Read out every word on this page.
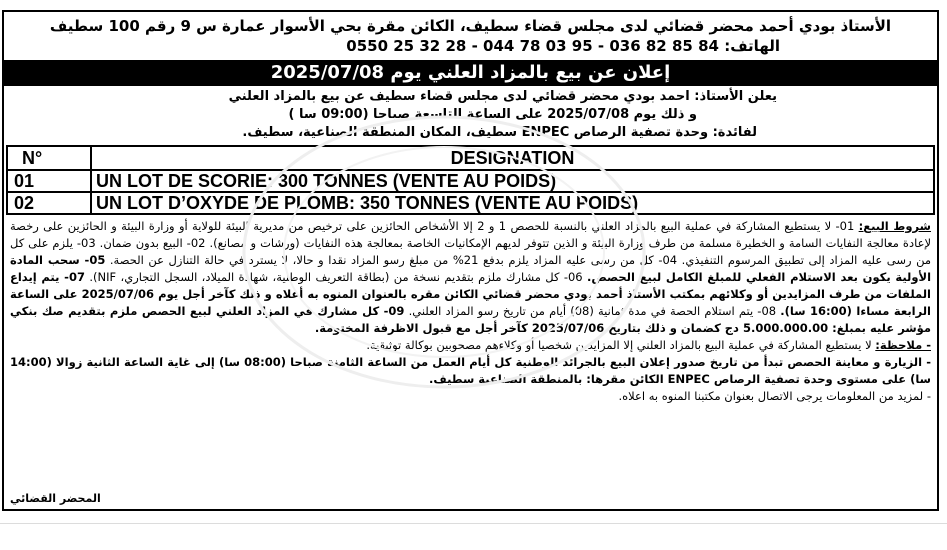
الأستاذ بودي أحمد محضر قضائي لدى مجلس قضاء سطيف، الكائن مقرة بحي الأسوار عمارة س 9 رقم 100 سطيف
الهاتف: 84 85 82 036 - 95 03 78 044 - 28 32 25 0550
إعلان عن بيع بالمزاد العلني يوم 2025/07/08
يعلن الأستاذ: احمد بودي محضر قضائي لدى مجلس قضاء سطيف عن بيع بالمزاد العلني
و ذلك يوم 2025/07/08 على الساعة التاسعة صباحا (09:00 سا )
لفائدة: وحدة تصفية الرصاص ENPEC سطيف، المكان المنطقة الصناعية، سطيف.
N°	DESIGNATION
01	UN LOT DE SCORIE: 300 TONNES (VENTE AU POIDS)
02	UN LOT D’OXYDE DE PLOMB: 350 TONNES (VENTE AU POIDS)
شروط البيع: 01- لا يستطيع المشاركة في عملية البيع بالمزاد العلني بالنسبة للحصص 1 و 2 إلا الأشخاص الحائزين على ترخيص من مديرية البيئة للولاية أو وزارة البيئة و الحائزين على رخصة لإعادة معالجة النفايات السامة و الخطيرة مسلمة من طرف وزارة البيئة و الذين تتوفر لديهم الإمكانيات الخاصة بمعالجة هذه النفايات (ورشات و مصانع). 02- البيع بدون ضمان. 03- يلزم على كل من رسى عليه المزاد إلى تطبيق المرسوم التنفيذي. 04- كل من رسى عليه المزاد يلزم بدفع 21% من مبلغ رسو المزاد نقدا و حالا، لا يسترد في حالة التنازل عن الحصة. 05- سحب المادة الأولية يكون بعد الاستلام الفعلي للمبلغ الكامل لبيع الحصص. 06- كل مشارك ملزم بتقديم نسخة من (بطاقة التعريف الوطنية، شهادة الميلاد، السجل التجاري، NIF). 07- يتم إيداع الملفات من طرف المزايدين أو وكلائهم بمكتب الأستاذ أحمد بودي محضر قضائي الكائن مقره بالعنوان المنوه به أعلاه و ذلك كآخر أجل يوم 2025/07/06 على الساعة الرابعة مساءا (16:00 سا). 08- يتم استلام الحصة في مدة ثمانية (08) أيام من تاريخ رسو المزاد العلني. 09- كل مشارك في المزاد العلني لبيع الحصص ملزم بتقديم صك بنكي مؤشر عليه بمبلغ: 5.000.000.00 دج كضمان و ذلك بتاريخ 2025/07/06 كآخر أجل مع قبول الاظرفة المختومة.
- ملاحظة: لا يستطيع المشاركة في عملية البيع بالمزاد العلني إلا المزايدين شخصيا أو وكلاءهم مصحوبين بوكالة توثيقية.
- الزيارة و معاينة الحصص تبدأ من تاريخ صدور إعلان البيع بالجرائد الوطنية كل أيام العمل من الساعة الثامنة صباحا (08:00 سا) إلى غاية الساعة الثانية زوالا (14:00 سا) على مستوى وحدة تصفية الرصاص ENPEC الكائن مقرها: بالمنطقة الصناعية سطيف.
- لمزيد من المعلومات يرجى الاتصال بعنوان مكتبنا المنوه به اعلاه.
المحضر القضائي
